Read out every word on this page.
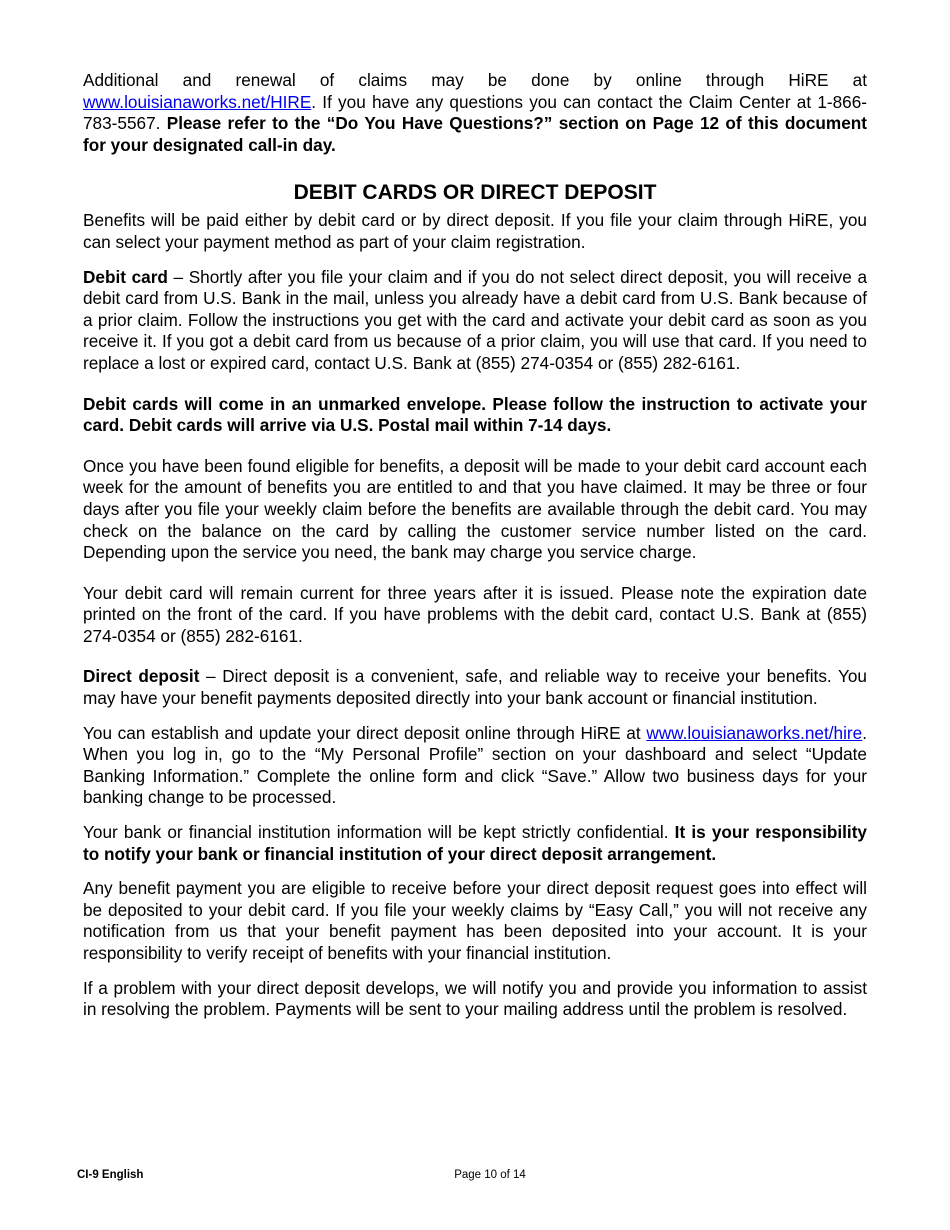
Additional and renewal of claims may be done by online through HiRE at www.louisianaworks.net/HIRE. If you have any questions you can contact the Claim Center at 1-866-783-5567. Please refer to the “Do You Have Questions?” section on Page 12 of this document for your designated call-in day.

DEBIT CARDS OR DIRECT DEPOSIT

Benefits will be paid either by debit card or by direct deposit. If you file your claim through HiRE, you can select your payment method as part of your claim registration.

Debit card – Shortly after you file your claim and if you do not select direct deposit, you will receive a debit card from U.S. Bank in the mail, unless you already have a debit card from U.S. Bank because of a prior claim. Follow the instructions you get with the card and activate your debit card as soon as you receive it. If you got a debit card from us because of a prior claim, you will use that card. If you need to replace a lost or expired card, contact U.S. Bank at (855) 274-0354 or (855) 282-6161.

Debit cards will come in an unmarked envelope. Please follow the instruction to activate your card. Debit cards will arrive via U.S. Postal mail within 7-14 days.

Once you have been found eligible for benefits, a deposit will be made to your debit card account each week for the amount of benefits you are entitled to and that you have claimed. It may be three or four days after you file your weekly claim before the benefits are available through the debit card. You may check on the balance on the card by calling the customer service number listed on the card. Depending upon the service you need, the bank may charge you service charge.

Your debit card will remain current for three years after it is issued. Please note the expiration date printed on the front of the card. If you have problems with the debit card, contact U.S. Bank at (855) 274-0354 or (855) 282-6161.

Direct deposit – Direct deposit is a convenient, safe, and reliable way to receive your benefits. You may have your benefit payments deposited directly into your bank account or financial institution.

You can establish and update your direct deposit online through HiRE at www.louisianaworks.net/hire. When you log in, go to the “My Personal Profile” section on your dashboard and select “Update Banking Information.” Complete the online form and click “Save.” Allow two business days for your banking change to be processed.

Your bank or financial institution information will be kept strictly confidential. It is your responsibility to notify your bank or financial institution of your direct deposit arrangement.

Any benefit payment you are eligible to receive before your direct deposit request goes into effect will be deposited to your debit card. If you file your weekly claims by “Easy Call,” you will not receive any notification from us that your benefit payment has been deposited into your account. It is your responsibility to verify receipt of benefits with your financial institution.

If a problem with your direct deposit develops, we will notify you and provide you information to assist in resolving the problem. Payments will be sent to your mailing address until the problem is resolved.

CI-9 English	Page 10 of 14
